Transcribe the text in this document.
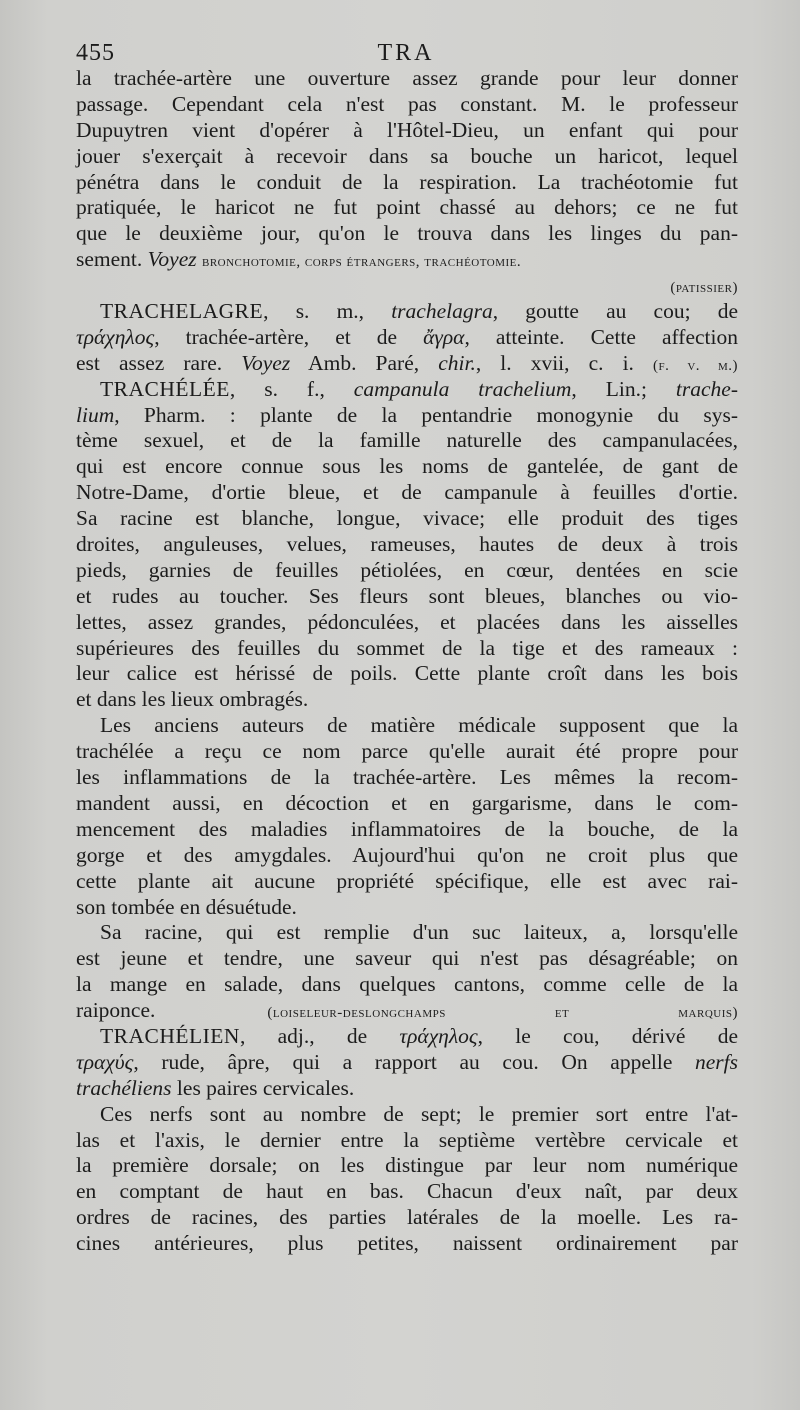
455	TRA
la trachée-artère une ouverture assez grande pour leur donner
passage. Cependant cela n'est pas constant. M. le professeur
Dupuytren vient d'opérer à l'Hôtel-Dieu, un enfant qui pour
jouer s'exerçait à recevoir dans sa bouche un haricot, lequel
pénétra dans le conduit de la respiration. La trachéotomie fut
pratiquée, le haricot ne fut point chassé au dehors; ce ne fut
que le deuxième jour, qu'on le trouva dans les linges du pan-
sement. Voyez bronchotomie, corps étrangers, trachéotomie.
(patissier)
TRACHELAGRE, s. m., trachelagra, goutte au cou; de
τράχηλος, trachée-artère, et de ἄγρα, atteinte. Cette affection
est assez rare. Voyez Amb. Paré, chir., l. xvii, c. i. (f. v. m.)
TRACHÉLÉE, s. f., campanula trachelium, Lin.; trache-
lium, Pharm. : plante de la pentandrie monogynie du sys-
tème sexuel, et de la famille naturelle des campanulacées,
qui est encore connue sous les noms de gantelée, de gant de
Notre-Dame, d'ortie bleue, et de campanule à feuilles d'ortie.
Sa racine est blanche, longue, vivace; elle produit des tiges
droites, anguleuses, velues, rameuses, hautes de deux à trois
pieds, garnies de feuilles pétiolées, en cœur, dentées en scie
et rudes au toucher. Ses fleurs sont bleues, blanches ou vio-
lettes, assez grandes, pédonculées, et placées dans les aisselles
supérieures des feuilles du sommet de la tige et des rameaux :
leur calice est hérissé de poils. Cette plante croît dans les bois
et dans les lieux ombragés.
Les anciens auteurs de matière médicale supposent que la
trachélée a reçu ce nom parce qu'elle aurait été propre pour
les inflammations de la trachée-artère. Les mêmes la recom-
mandent aussi, en décoction et en gargarisme, dans le com-
mencement des maladies inflammatoires de la bouche, de la
gorge et des amygdales. Aujourd'hui qu'on ne croit plus que
cette plante ait aucune propriété spécifique, elle est avec rai-
son tombée en désuétude.
Sa racine, qui est remplie d'un suc laiteux, a, lorsqu'elle
est jeune et tendre, une saveur qui n'est pas désagréable; on
la mange en salade, dans quelques cantons, comme celle de la
raiponce.	(loiseleur-deslongchamps et marquis)
TRACHÉLIEN, adj., de τράχηλος, le cou, dérivé de
τραχύς, rude, âpre, qui a rapport au cou. On appelle nerfs
trachéliens les paires cervicales.
Ces nerfs sont au nombre de sept; le premier sort entre l'at-
las et l'axis, le dernier entre la septième vertèbre cervicale et
la première dorsale; on les distingue par leur nom numérique
en comptant de haut en bas. Chacun d'eux naît, par deux
ordres de racines, des parties latérales de la moelle. Les ra-
cines antérieures, plus petites, naissent ordinairement par
